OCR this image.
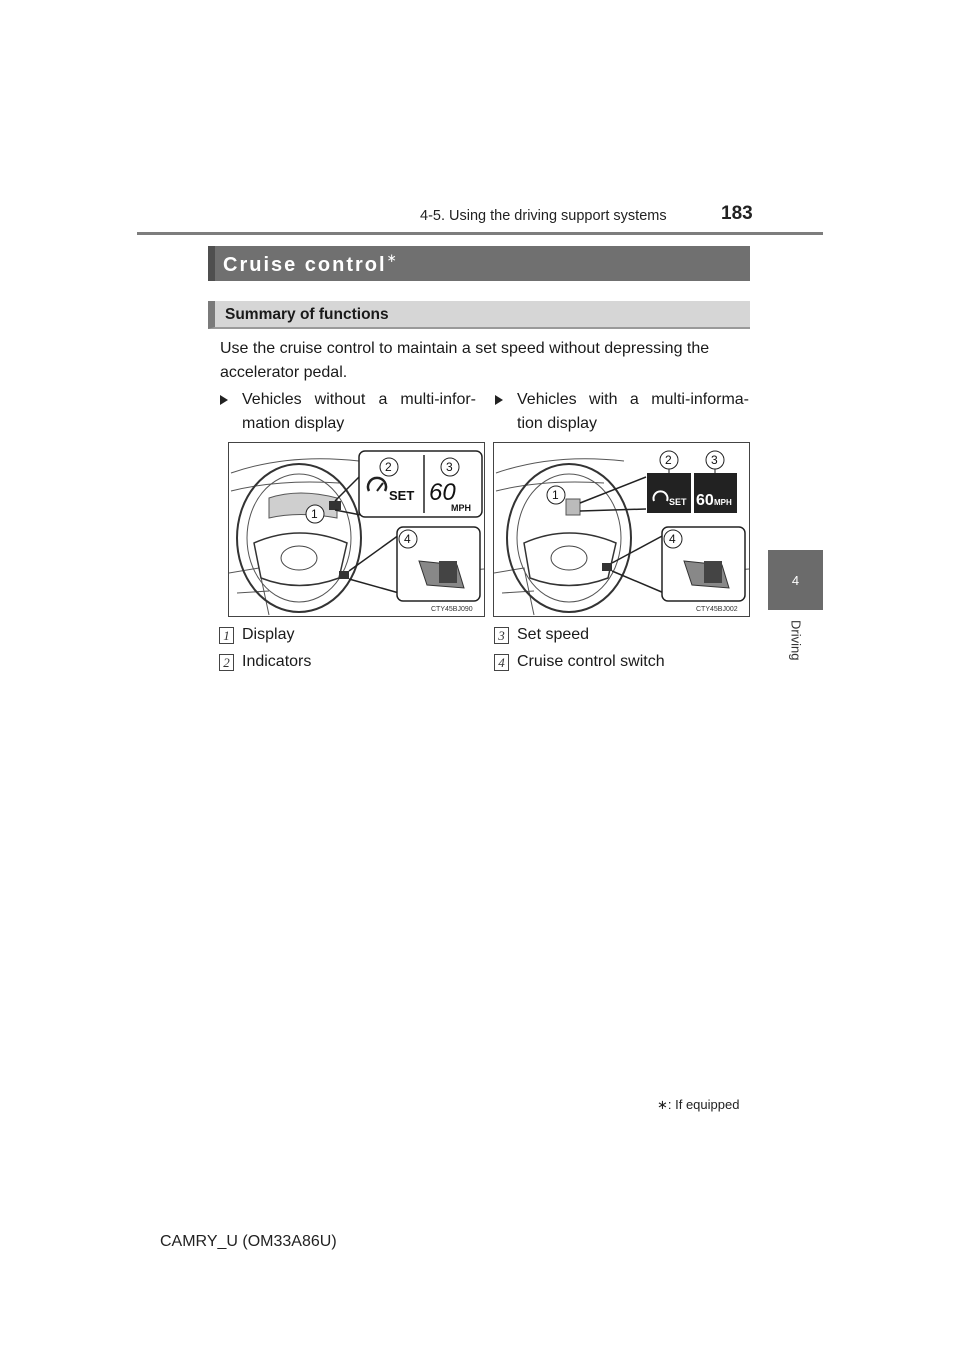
4-5. Using the driving support systems	183
4
Driving
Cruise control∗
Summary of functions
Use the cruise control to maintain a set speed without depressing the accelerator pedal.
Vehicles without a multi-infor- mation display
Vehicles with a multi-informa- tion display
SET 60
MPH
2	3
1
4
CTY45BJ090
SET 60 MPH
2	3
1
4
CTY45BJ002
1 Display
2 Indicators
3 Set speed
4 Cruise control switch
∗: If equipped
CAMRY_U (OM33A86U)
